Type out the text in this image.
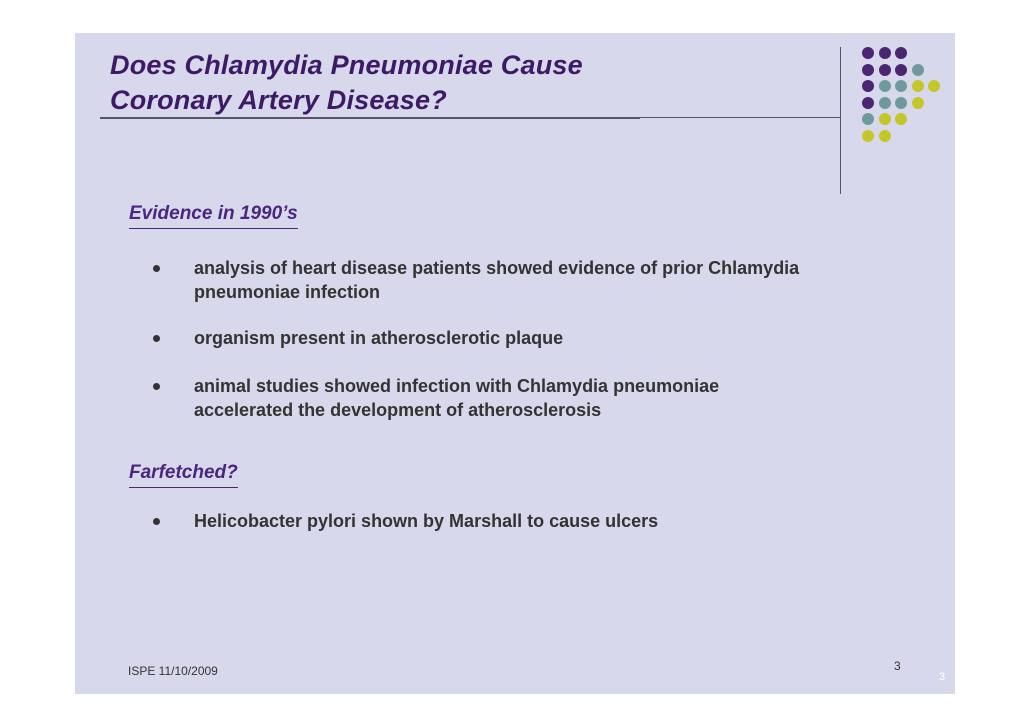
Does Chlamydia Pneumoniae Cause
Coronary Artery Disease?
Evidence in 1990’s
analysis of heart disease patients showed evidence of prior Chlamydia
pneumoniae infection
organism present in atherosclerotic plaque
animal studies showed infection with Chlamydia pneumoniae
accelerated the development of atherosclerosis
Farfetched?
Helicobacter pylori shown by Marshall to cause ulcers
ISPE 11/10/2009	3
3
